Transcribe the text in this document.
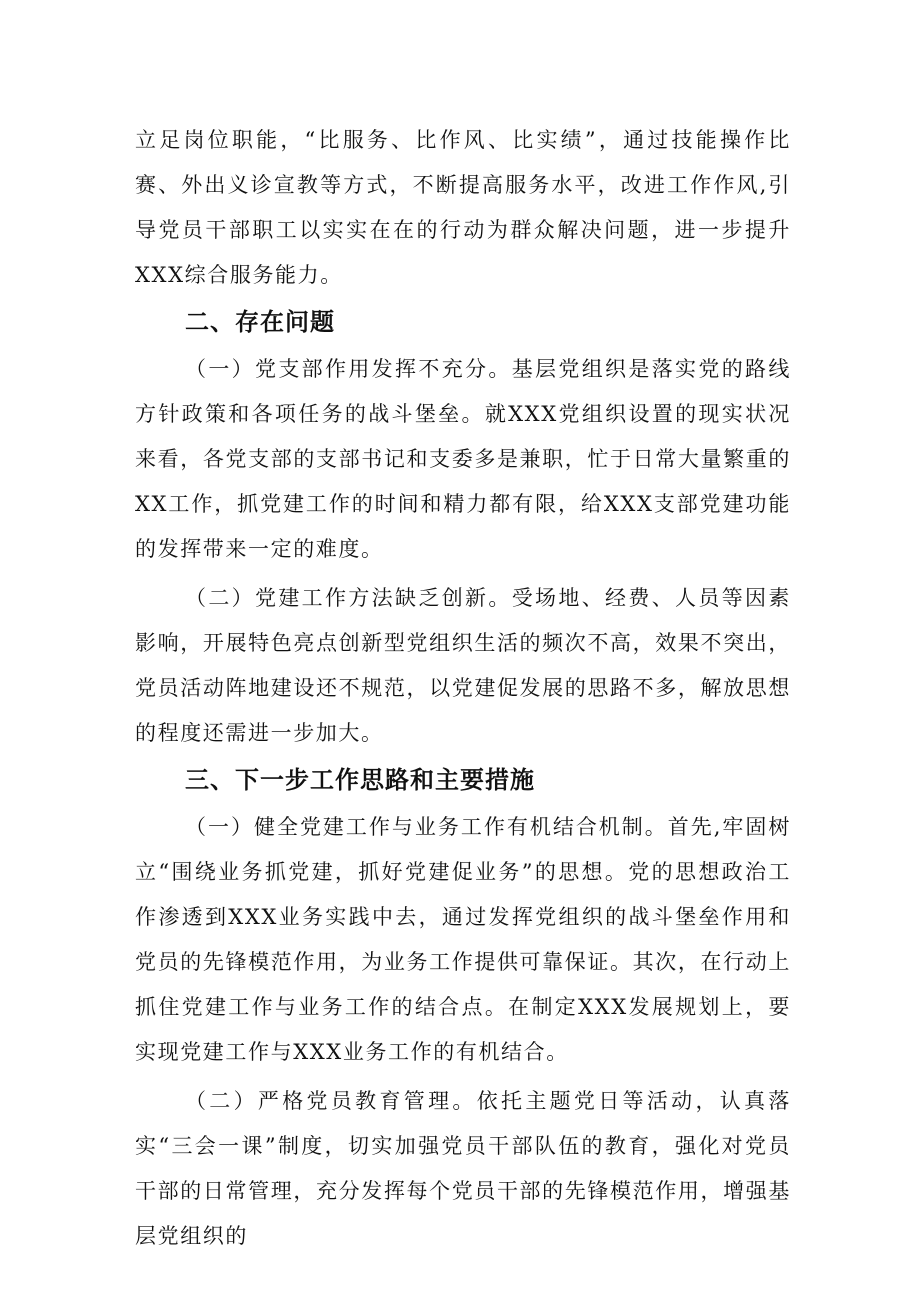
立足岗位职能，“比服务、比作风、比实绩”，通过技能操作比赛、外出义诊宣教等方式，不断提高服务水平，改进工作作风,引导党员干部职工以实实在在的行动为群众解决问题，进一步提升XXX综合服务能力。

二、存在问题

（一）党支部作用发挥不充分。基层党组织是落实党的路线方针政策和各项任务的战斗堡垒。就XXX党组织设置的现实状况来看，各党支部的支部书记和支委多是兼职，忙于日常大量繁重的XX工作，抓党建工作的时间和精力都有限，给XXX支部党建功能的发挥带来一定的难度。

（二）党建工作方法缺乏创新。受场地、经费、人员等因素影响，开展特色亮点创新型党组织生活的频次不高，效果不突出，党员活动阵地建设还不规范，以党建促发展的思路不多，解放思想的程度还需进一步加大。

三、下一步工作思路和主要措施

（一）健全党建工作与业务工作有机结合机制。首先,牢固树立“围绕业务抓党建，抓好党建促业务”的思想。党的思想政治工作渗透到XXX业务实践中去，通过发挥党组织的战斗堡垒作用和党员的先锋模范作用，为业务工作提供可靠保证。其次，在行动上抓住党建工作与业务工作的结合点。在制定XXX发展规划上，要实现党建工作与XXX业务工作的有机结合。

（二）严格党员教育管理。依托主题党日等活动，认真落实“三会一课”制度，切实加强党员干部队伍的教育，强化对党员干部的日常管理，充分发挥每个党员干部的先锋模范作用，增强基层党组织的
